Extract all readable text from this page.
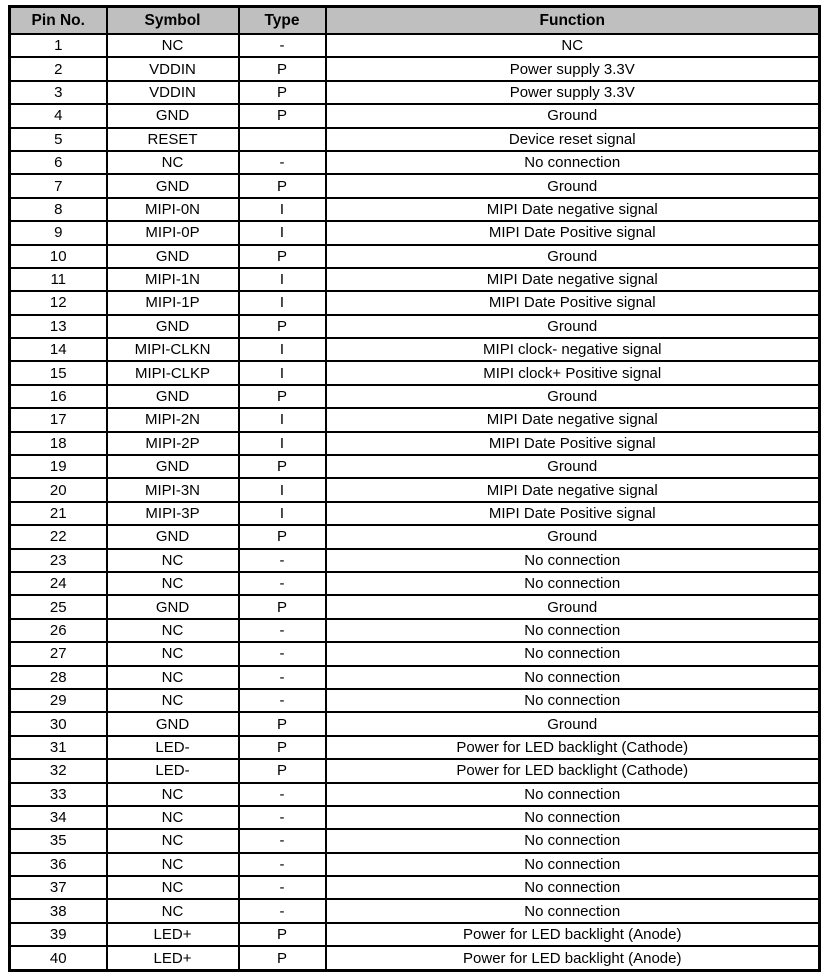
Pin No.	Symbol	Type	Function
1	NC	-	NC
2	VDDIN	P	Power supply 3.3V
3	VDDIN	P	Power supply 3.3V
4	GND	P	Ground
5	RESET		Device reset signal
6	NC	-	No connection
7	GND	P	Ground
8	MIPI-0N	I	MIPI Date negative signal
9	MIPI-0P	I	MIPI Date Positive signal
10	GND	P	Ground
11	MIPI-1N	I	MIPI Date negative signal
12	MIPI-1P	I	MIPI Date Positive signal
13	GND	P	Ground
14	MIPI-CLKN	I	MIPI clock- negative signal
15	MIPI-CLKP	I	MIPI clock+ Positive signal
16	GND	P	Ground
17	MIPI-2N	I	MIPI Date negative signal
18	MIPI-2P	I	MIPI Date Positive signal
19	GND	P	Ground
20	MIPI-3N	I	MIPI Date negative signal
21	MIPI-3P	I	MIPI Date Positive signal
22	GND	P	Ground
23	NC	-	No connection
24	NC	-	No connection
25	GND	P	Ground
26	NC	-	No connection
27	NC	-	No connection
28	NC	-	No connection
29	NC	-	No connection
30	GND	P	Ground
31	LED-	P	Power for LED backlight (Cathode)
32	LED-	P	Power for LED backlight (Cathode)
33	NC	-	No connection
34	NC	-	No connection
35	NC	-	No connection
36	NC	-	No connection
37	NC	-	No connection
38	NC	-	No connection
39	LED+	P	Power for LED backlight (Anode)
40	LED+	P	Power for LED backlight (Anode)
